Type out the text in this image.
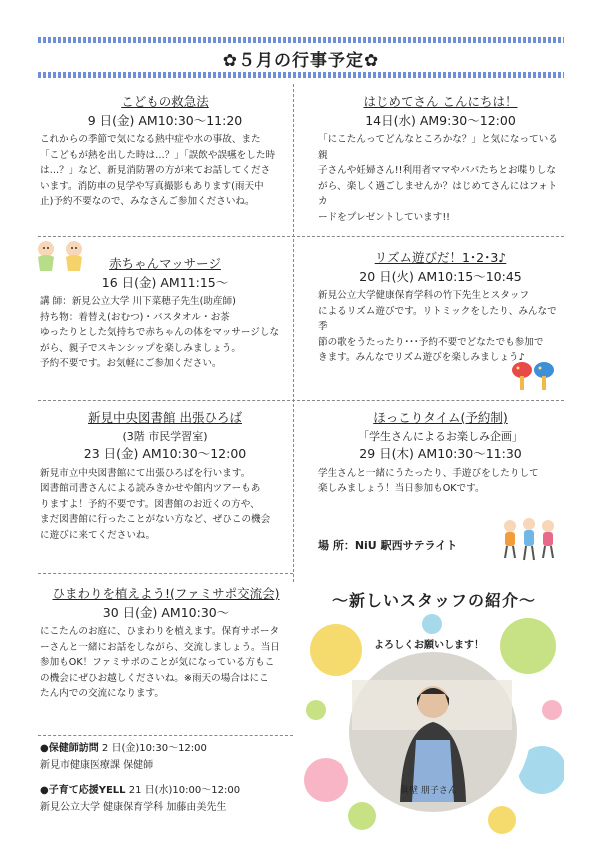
✿５月の行事予定✿
こどもの救急法
9 日(金) AM10:30～11:20

これからの季節で気になる熱中症や水の事故、また

「こどもが熱を出した時は…？」「誤飲や誤嚥をした時

は…？」など、新見消防署の方が来てお話してくださ

います。消防車の見学や写真撮影もあります(雨天中

止)予約不要なので、みなさんご参加くださいね。

はじめてさん こんにちは！
14日(水) AM9:30～12:00

「にこたんってどんなところかな？」と気になっている親

子さんや妊婦さん!!利用者ママやパパたちとお喋りしな

がら、楽しく過ごしませんか？はじめてさんにはフォトカ

ードをプレゼントしています!!

赤ちゃんマッサージ
16 日(金) AM11:15～

講 師：新見公立大学 川下菜穂子先生(助産師)

持ち物：着替え(おむつ)・バスタオル・お茶

ゆったりとした気持ちで赤ちゃんの体をマッサージしな

がら、親子でスキンシップを楽しみましょう。

予約不要です。お気軽にご参加ください。

リズム遊びだ！1･2･3♪
20 日(火) AM10:15～10:45

新見公立大学健康保育学科の竹下先生とスタッフ

によるリズム遊びです。リトミックをしたり、みんなで季

節の歌をうたったり･･･予約不要でどなたでも参加で

きます。みんなでリズム遊びを楽しみましょう♪

新見中央図書館 出張ひろば
(3階 市民学習室)
23 日(金) AM10:30～12:00

新見市立中央図書館にて出張ひろばを行います。

図書館司書さんによる読みきかせや館内ツアーもあ

りますよ！予約不要です。図書館のお近くの方や、

まだ図書館に行ったことがない方など、ぜひこの機会

に遊びに来てくださいね。

ほっこりタイム(予約制)
「学生さんによるお楽しみ企画」
29 日(木) AM10:30～11:30

学生さんと一緒にうたったり、手遊びをしたりして

楽しみましょう！当日参加もOKです。

場 所：NiU 駅西サテライト
ひまわりを植えよう!(ファミサポ交流会)
30 日(金) AM10:30～

にこたんのお庭に、ひまわりを植えます。保育サポータ

ーさんと一緒にお話をしながら、交流しましょう。当日

参加もOK！ファミサポのことが気になっている方もこ

の機会にぜひお越しくださいね。※雨天の場合はにこ

たん内での交流になります。

●保健師訪問 2 日(金)10:30～12:00

新見市健康医療課 保健師

●子育て応援YELL 21 日(水)10:00～12:00

新見公立大学 健康保育学科 加藤由美先生

～新しいスタッフの紹介～
よろしくお願いします！
眞壁 朋子さん
